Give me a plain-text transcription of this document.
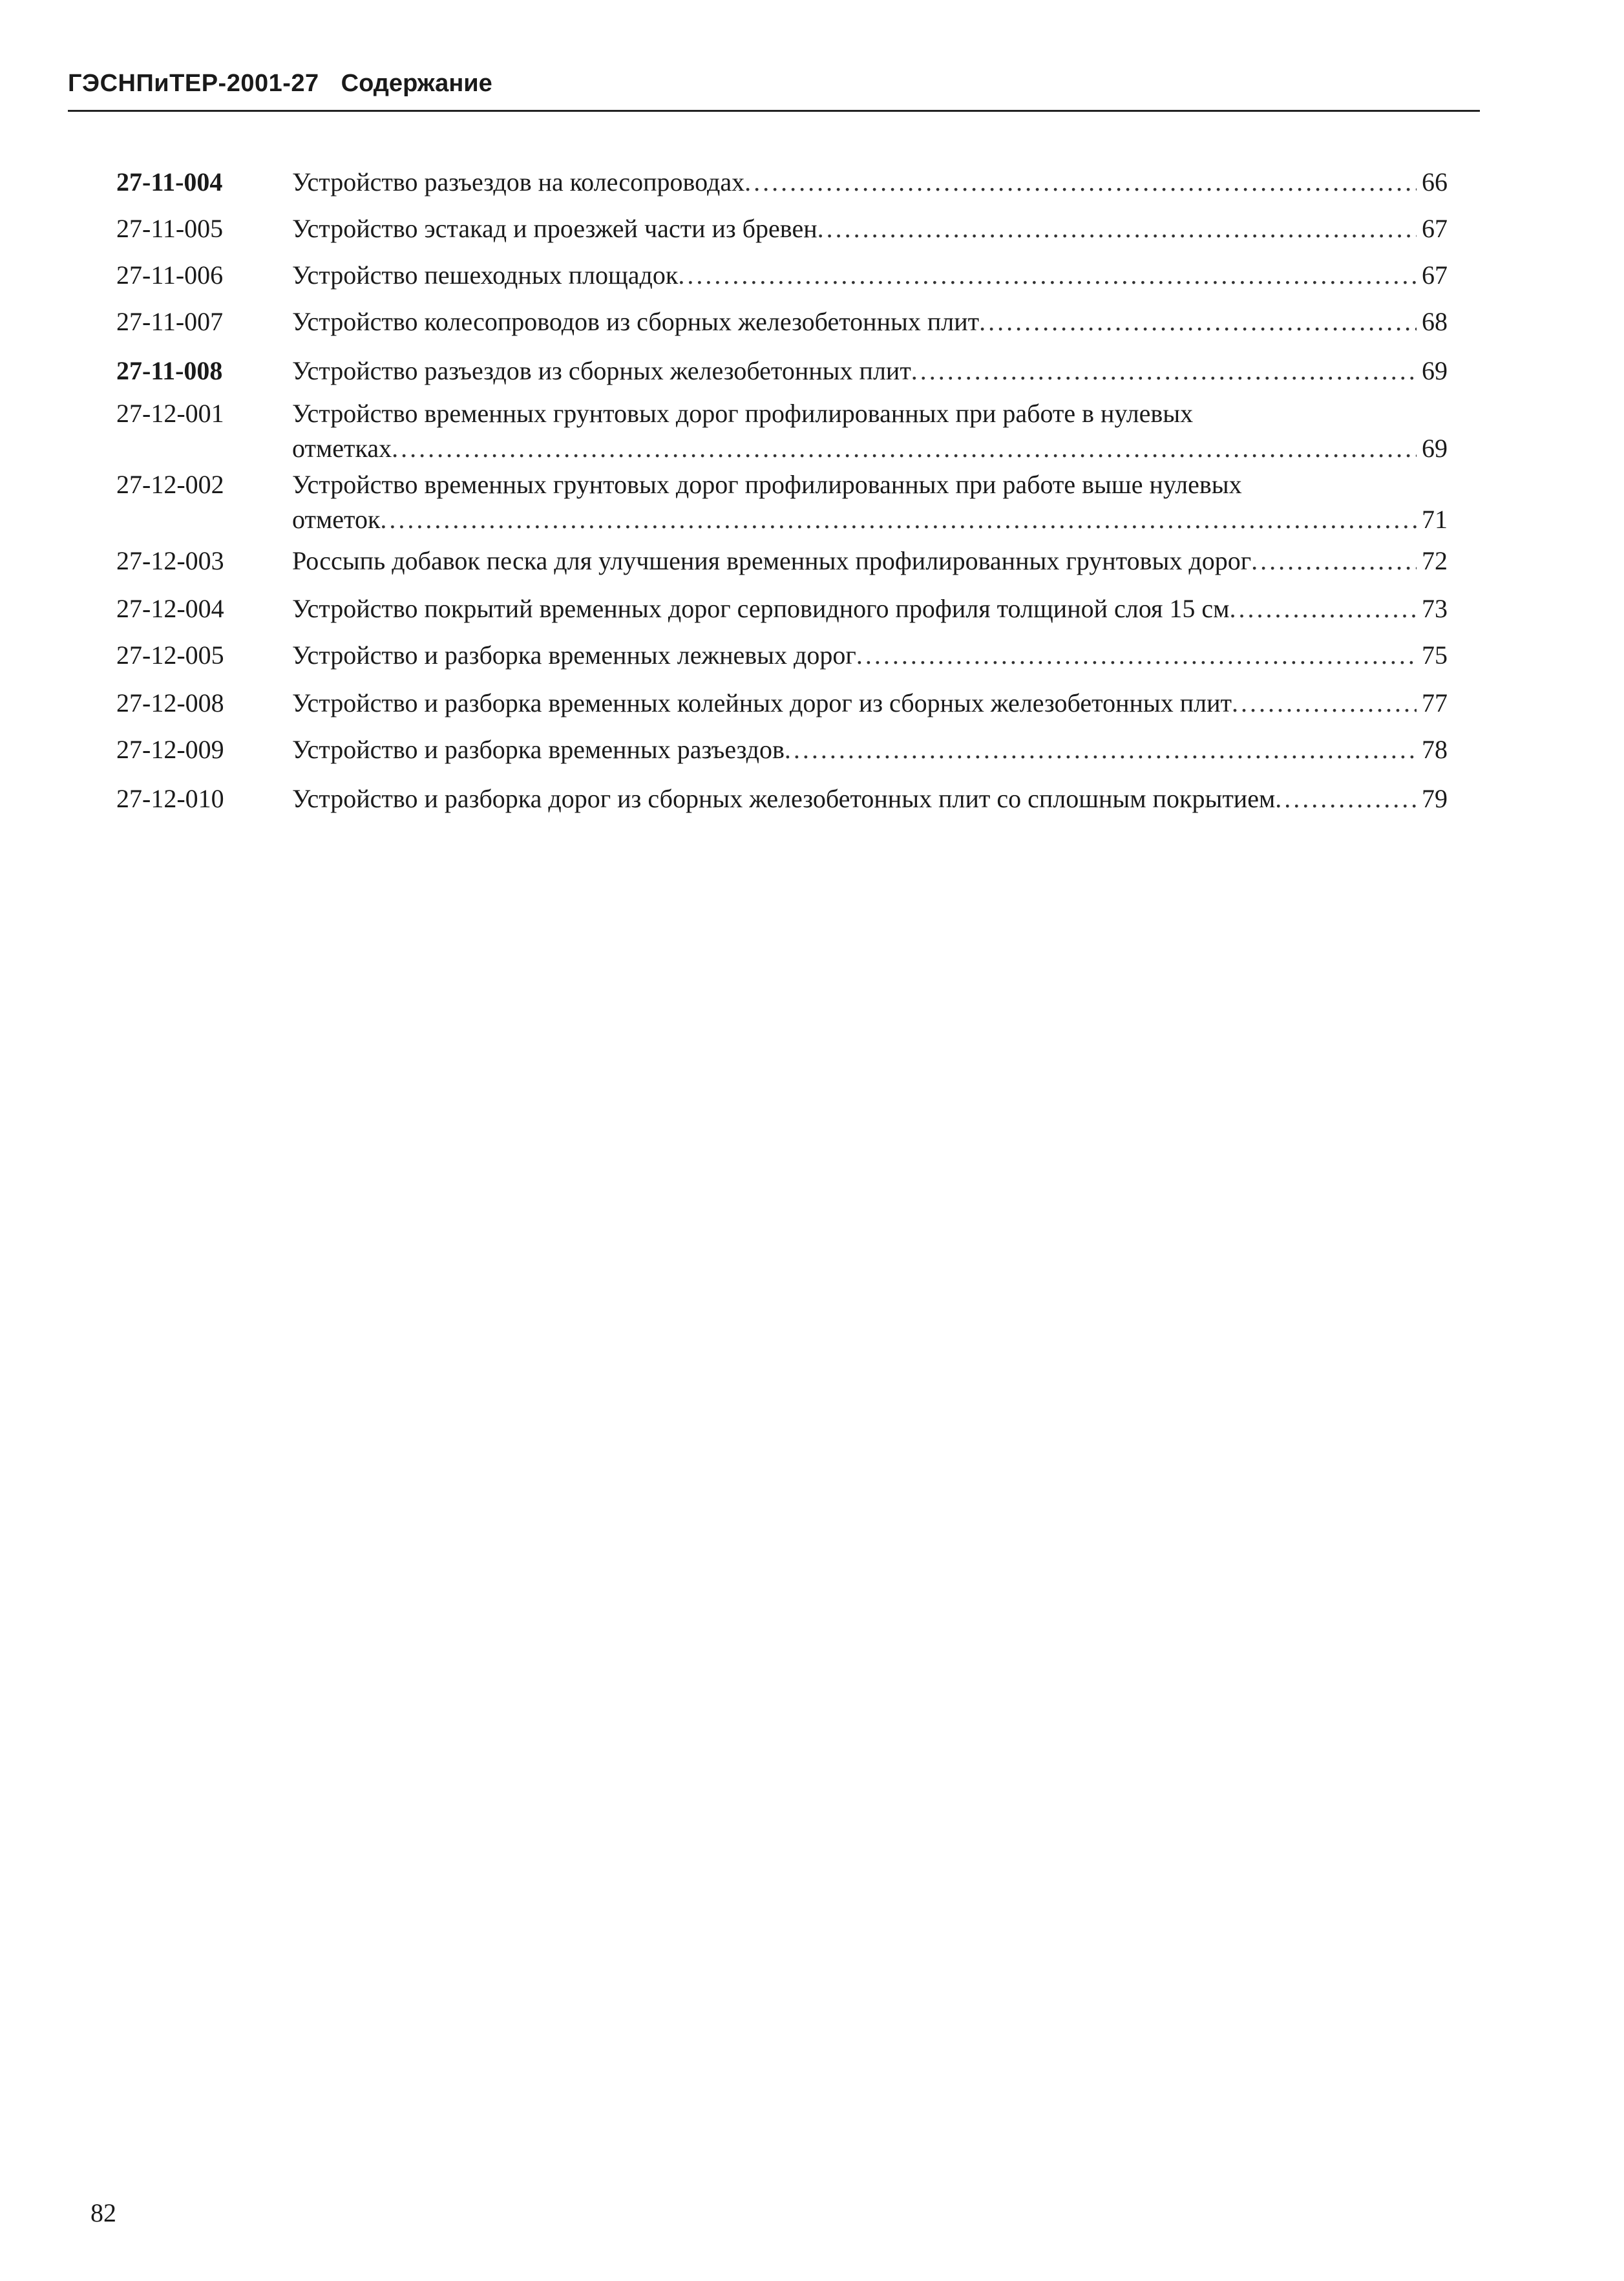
ГЭСНПиТЕР-2001-27 Содержание
27-11-004	Устройство разъездов на колесопроводах .....	66
27-11-005	Устройство эстакад и проезжей части из бревен .....	67
27-11-006	Устройство пешеходных площадок .....	67
27-11-007	Устройство колесопроводов из сборных железобетонных плит .....	68
27-11-008	Устройство разъездов из сборных железобетонных плит .....	69
27-12-001	Устройство временных грунтовых дорог профилированных при работе в нулевых
отметках .....	69
27-12-002	Устройство временных грунтовых дорог профилированных при работе выше нулевых
отметок .....	71
27-12-003	Россыпь добавок песка для улучшения временных профилированных грунтовых дорог .....	72
27-12-004	Устройство покрытий временных дорог серповидного профиля толщиной слоя 15 см .....	73
27-12-005	Устройство и разборка временных лежневых дорог .....	75
27-12-008	Устройство и разборка временных колейных дорог из сборных железобетонных плит .....	77
27-12-009	Устройство и разборка временных разъездов .....	78
27-12-010	Устройство и разборка дорог из сборных железобетонных плит со сплошным покрытием .....	79
82
